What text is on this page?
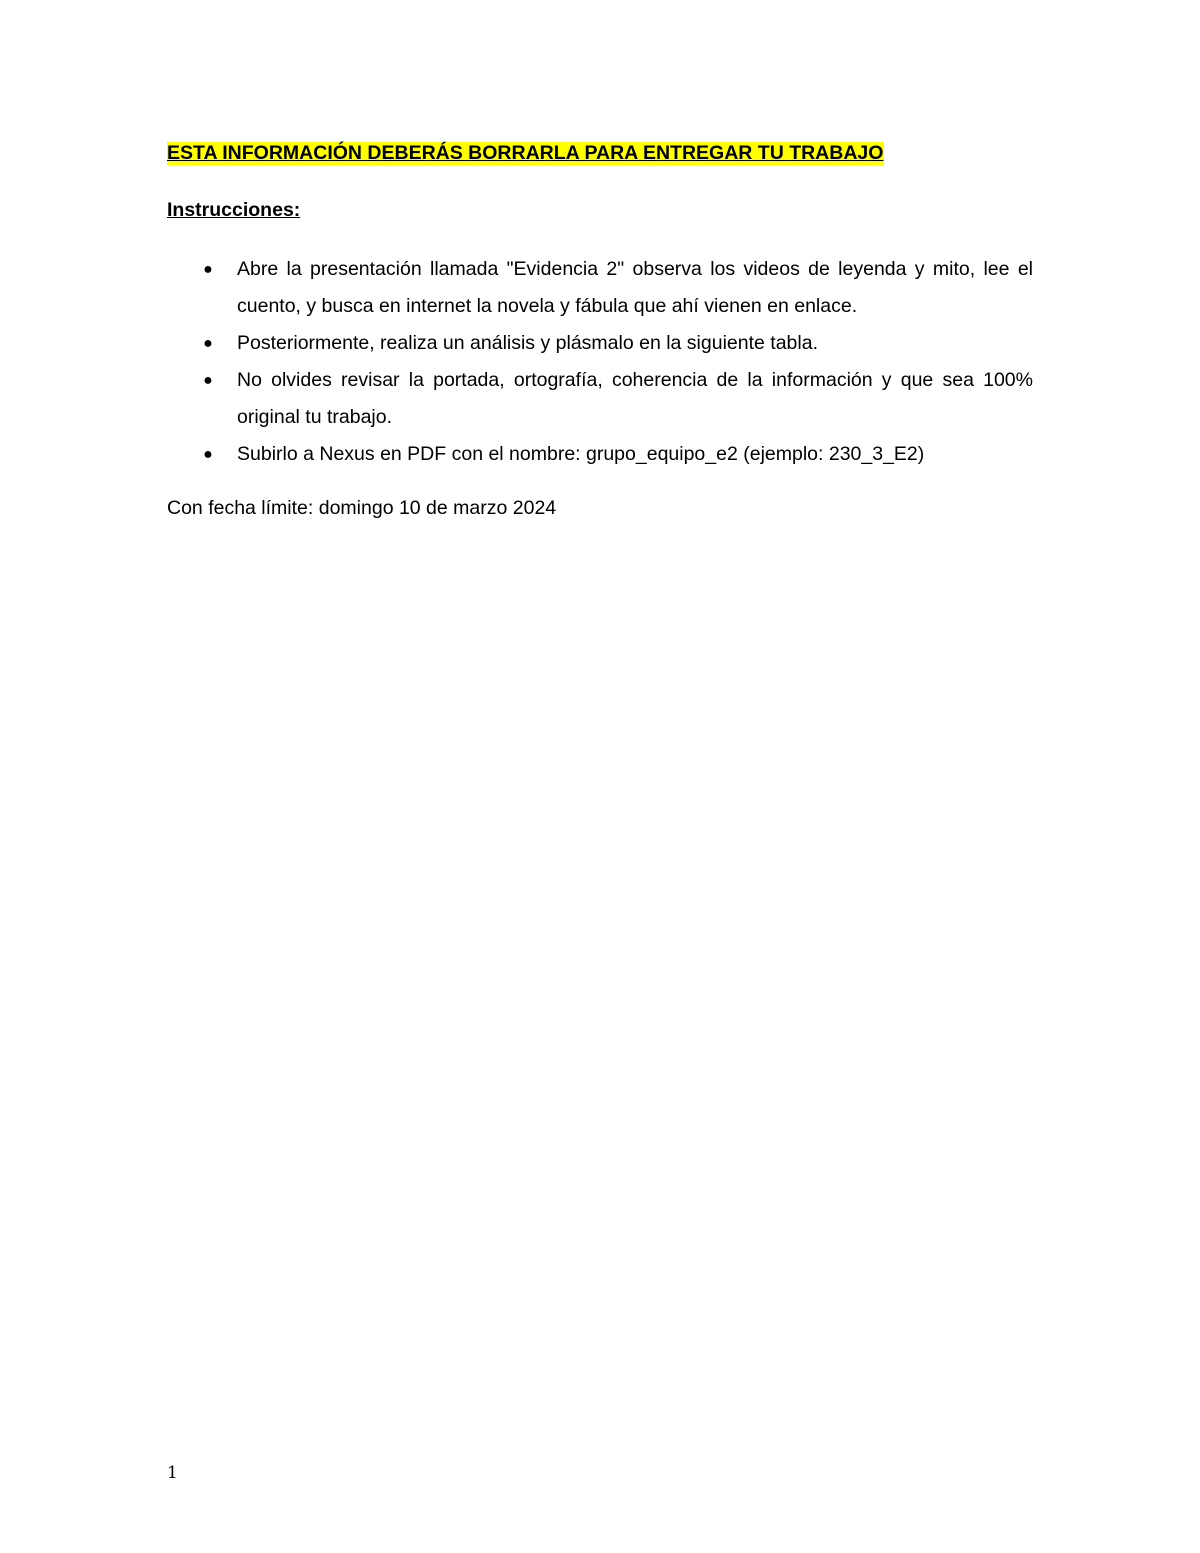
ESTA INFORMACIÓN DEBERÁS BORRARLA PARA ENTREGAR TU TRABAJO

Instrucciones:

● Abre la presentación llamada "Evidencia 2" observa los videos de leyenda y mito, lee el cuento, y busca en internet la novela y fábula que ahí vienen en enlace.
● Posteriormente, realiza un análisis y plásmalo en la siguiente tabla.
● No olvides revisar la portada, ortografía, coherencia de la información y que sea 100% original tu trabajo.
● Subirlo a Nexus en PDF con el nombre: grupo_equipo_e2 (ejemplo: 230_3_E2)

Con fecha límite: domingo 10 de marzo 2024

1
